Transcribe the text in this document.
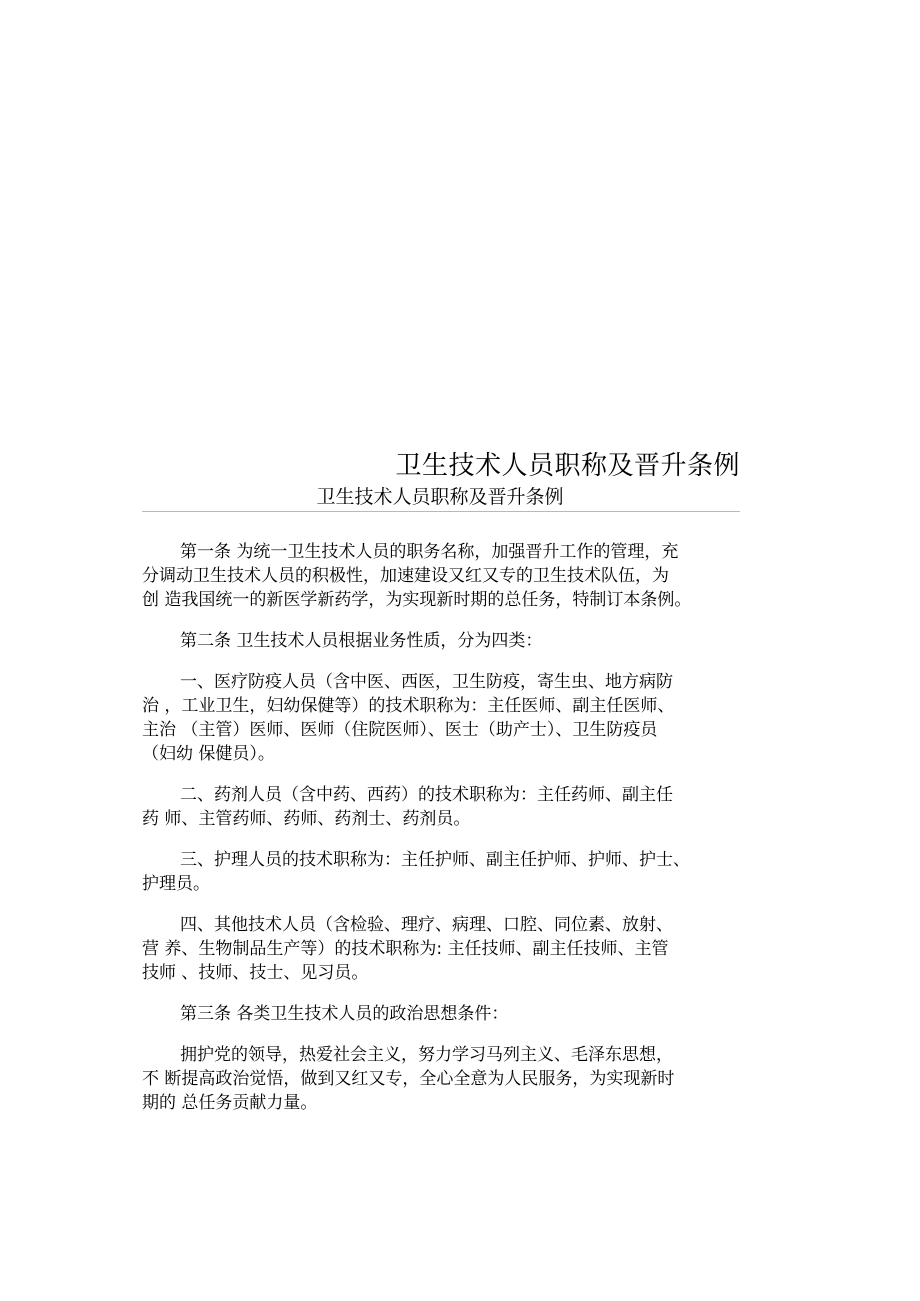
卫生技术人员职称及晋升条例
卫生技术人员职称及晋升条例
第一条 为统一卫生技术人员的职务名称，加强晋升工作的管理，充
分调动卫生技术人员的积极性，加速建设又红又专的卫生技术队伍，为
创 造我国统一的新医学新药学，为实现新时期的总任务，特制订本条例。
第二条 卫生技术人员根据业务性质，分为四类：
一、医疗防疫人员（含中医、西医，卫生防疫，寄生虫、地方病防
治 ，工业卫生，妇幼保健等）的技术职称为：主任医师、副主任医师、
主治 （主管）医师、医师（住院医师）、医士（助产士）、卫生防疫员
（妇幼 保健员）。
二、药剂人员（含中药、西药）的技术职称为：主任药师、副主任
药 师、主管药师、药师、药剂士、药剂员。
三、护理人员的技术职称为：主任护师、副主任护师、护师、护士、
护理员。
四、其他技术人员（含检验、理疗、病理、口腔、同位素、放射、
营 养、生物制品生产等）的技术职称为: 主任技师、副主任技师、主管
技师 、技师、技士、见习员。
第三条 各类卫生技术人员的政治思想条件：
拥护党的领导，热爱社会主义，努力学习马列主义、毛泽东思想，
不 断提高政治觉悟，做到又红又专，全心全意为人民服务，为实现新时
期的 总任务贡献力量。
